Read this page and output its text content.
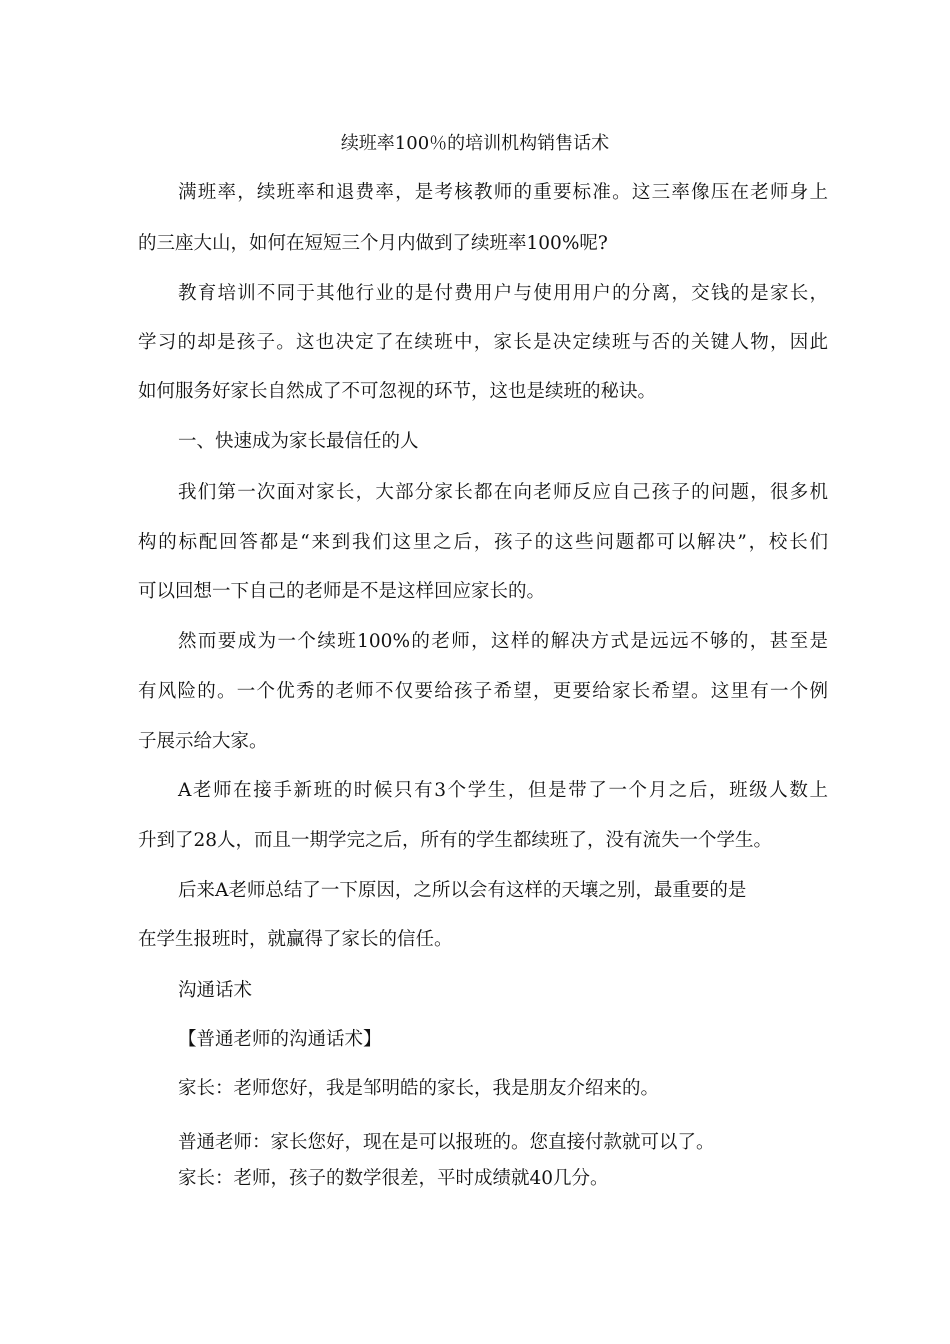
续班率100％的培训机构销售话术
满班率，续班率和退费率，是考核教师的重要标准。这三率像压在老师身上
的三座大山，如何在短短三个月内做到了续班率100%呢?
教育培训不同于其他行业的是付费用户与使用用户的分离，交钱的是家长，
学习的却是孩子。这也决定了在续班中，家长是决定续班与否的关键人物，因此
如何服务好家长自然成了不可忽视的环节，这也是续班的秘诀。
一、快速成为家长最信任的人
我们第一次面对家长，大部分家长都在向老师反应自己孩子的问题，很多机
构的标配回答都是“来到我们这里之后，孩子的这些问题都可以解决”，校长们
可以回想一下自己的老师是不是这样回应家长的。
然而要成为一个续班100%的老师，这样的解决方式是远远不够的，甚至是
有风险的。一个优秀的老师不仅要给孩子希望，更要给家长希望。这里有一个例
子展示给大家。
A老师在接手新班的时候只有3个学生，但是带了一个月之后，班级人数上
升到了28人，而且一期学完之后，所有的学生都续班了，没有流失一个学生。
后来A老师总结了一下原因，之所以会有这样的天壤之别，最重要的是
在学生报班时，就赢得了家长的信任。
沟通话术
【普通老师的沟通话术】
家长：老师您好，我是邹明皓的家长，我是朋友介绍来的。
普通老师：家长您好，现在是可以报班的。您直接付款就可以了。
家长：老师，孩子的数学很差，平时成绩就40几分。
